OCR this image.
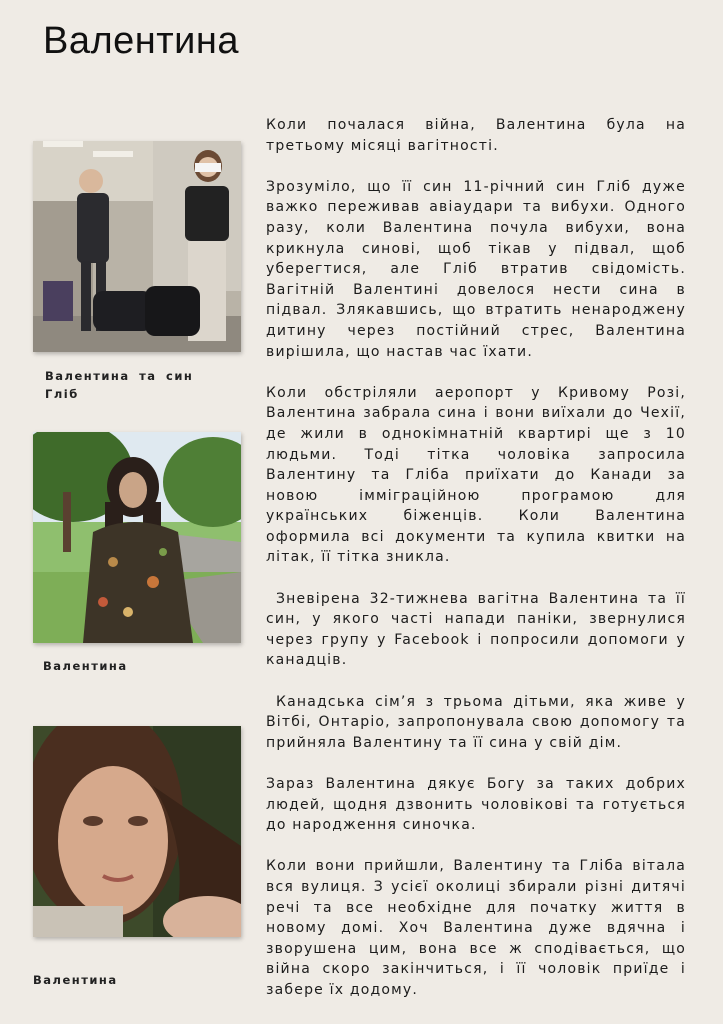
Валентина
Валентина та син Гліб
Валентина
Валентина

Коли почалася війна, Валентина була на третьому місяці вагітності.

Зрозуміло, що її син 11-річний син Гліб дуже важко переживав авіаудари та вибухи. Одного разу, коли Валентина почула вибухи, вона крикнула синові, щоб тікав у підвал, щоб уберегтися, але Гліб втратив свідомість. Вагітній Валентині довелося нести сина в підвал. Злякавшись, що втратить ненароджену дитину через постійний стрес, Валентина вирішила, що настав час їхати.

Коли обстріляли аеропорт у Кривому Розі, Валентина забрала сина і вони виїхали до Чехії, де жили в однокімнатній квартирі ще з 10 людьми. Тоді тітка чоловіка запросила Валентину та Гліба приїхати до Канади за новою імміграційною програмою для українських біженців. Коли Валентина оформила всі документи та купила квитки на літак, її тітка зникла.

Зневірена 32-тижнева вагітна Валентина та її син, у якого часті напади паніки, звернулися через групу у Facebook і попросили допомоги у канадців.

Канадська сім’я з трьома дітьми, яка живе у Вітбі, Онтаріо, запропонувала свою допомогу та прийняла Валентину та її сина у свій дім.

Зараз Валентина дякує Богу за таких добрих людей, щодня дзвонить чоловікові та готується до народження синочка.

Коли вони прийшли, Валентину та Гліба вітала вся вулиця. З усієї околиці збирали різні дитячі речі та все необхідне для початку життя в новому домі. Хоч Валентина дуже вдячна і зворушена цим, вона все ж сподівається, що війна скоро закінчиться, і її чоловік приїде і забере їх додому.
